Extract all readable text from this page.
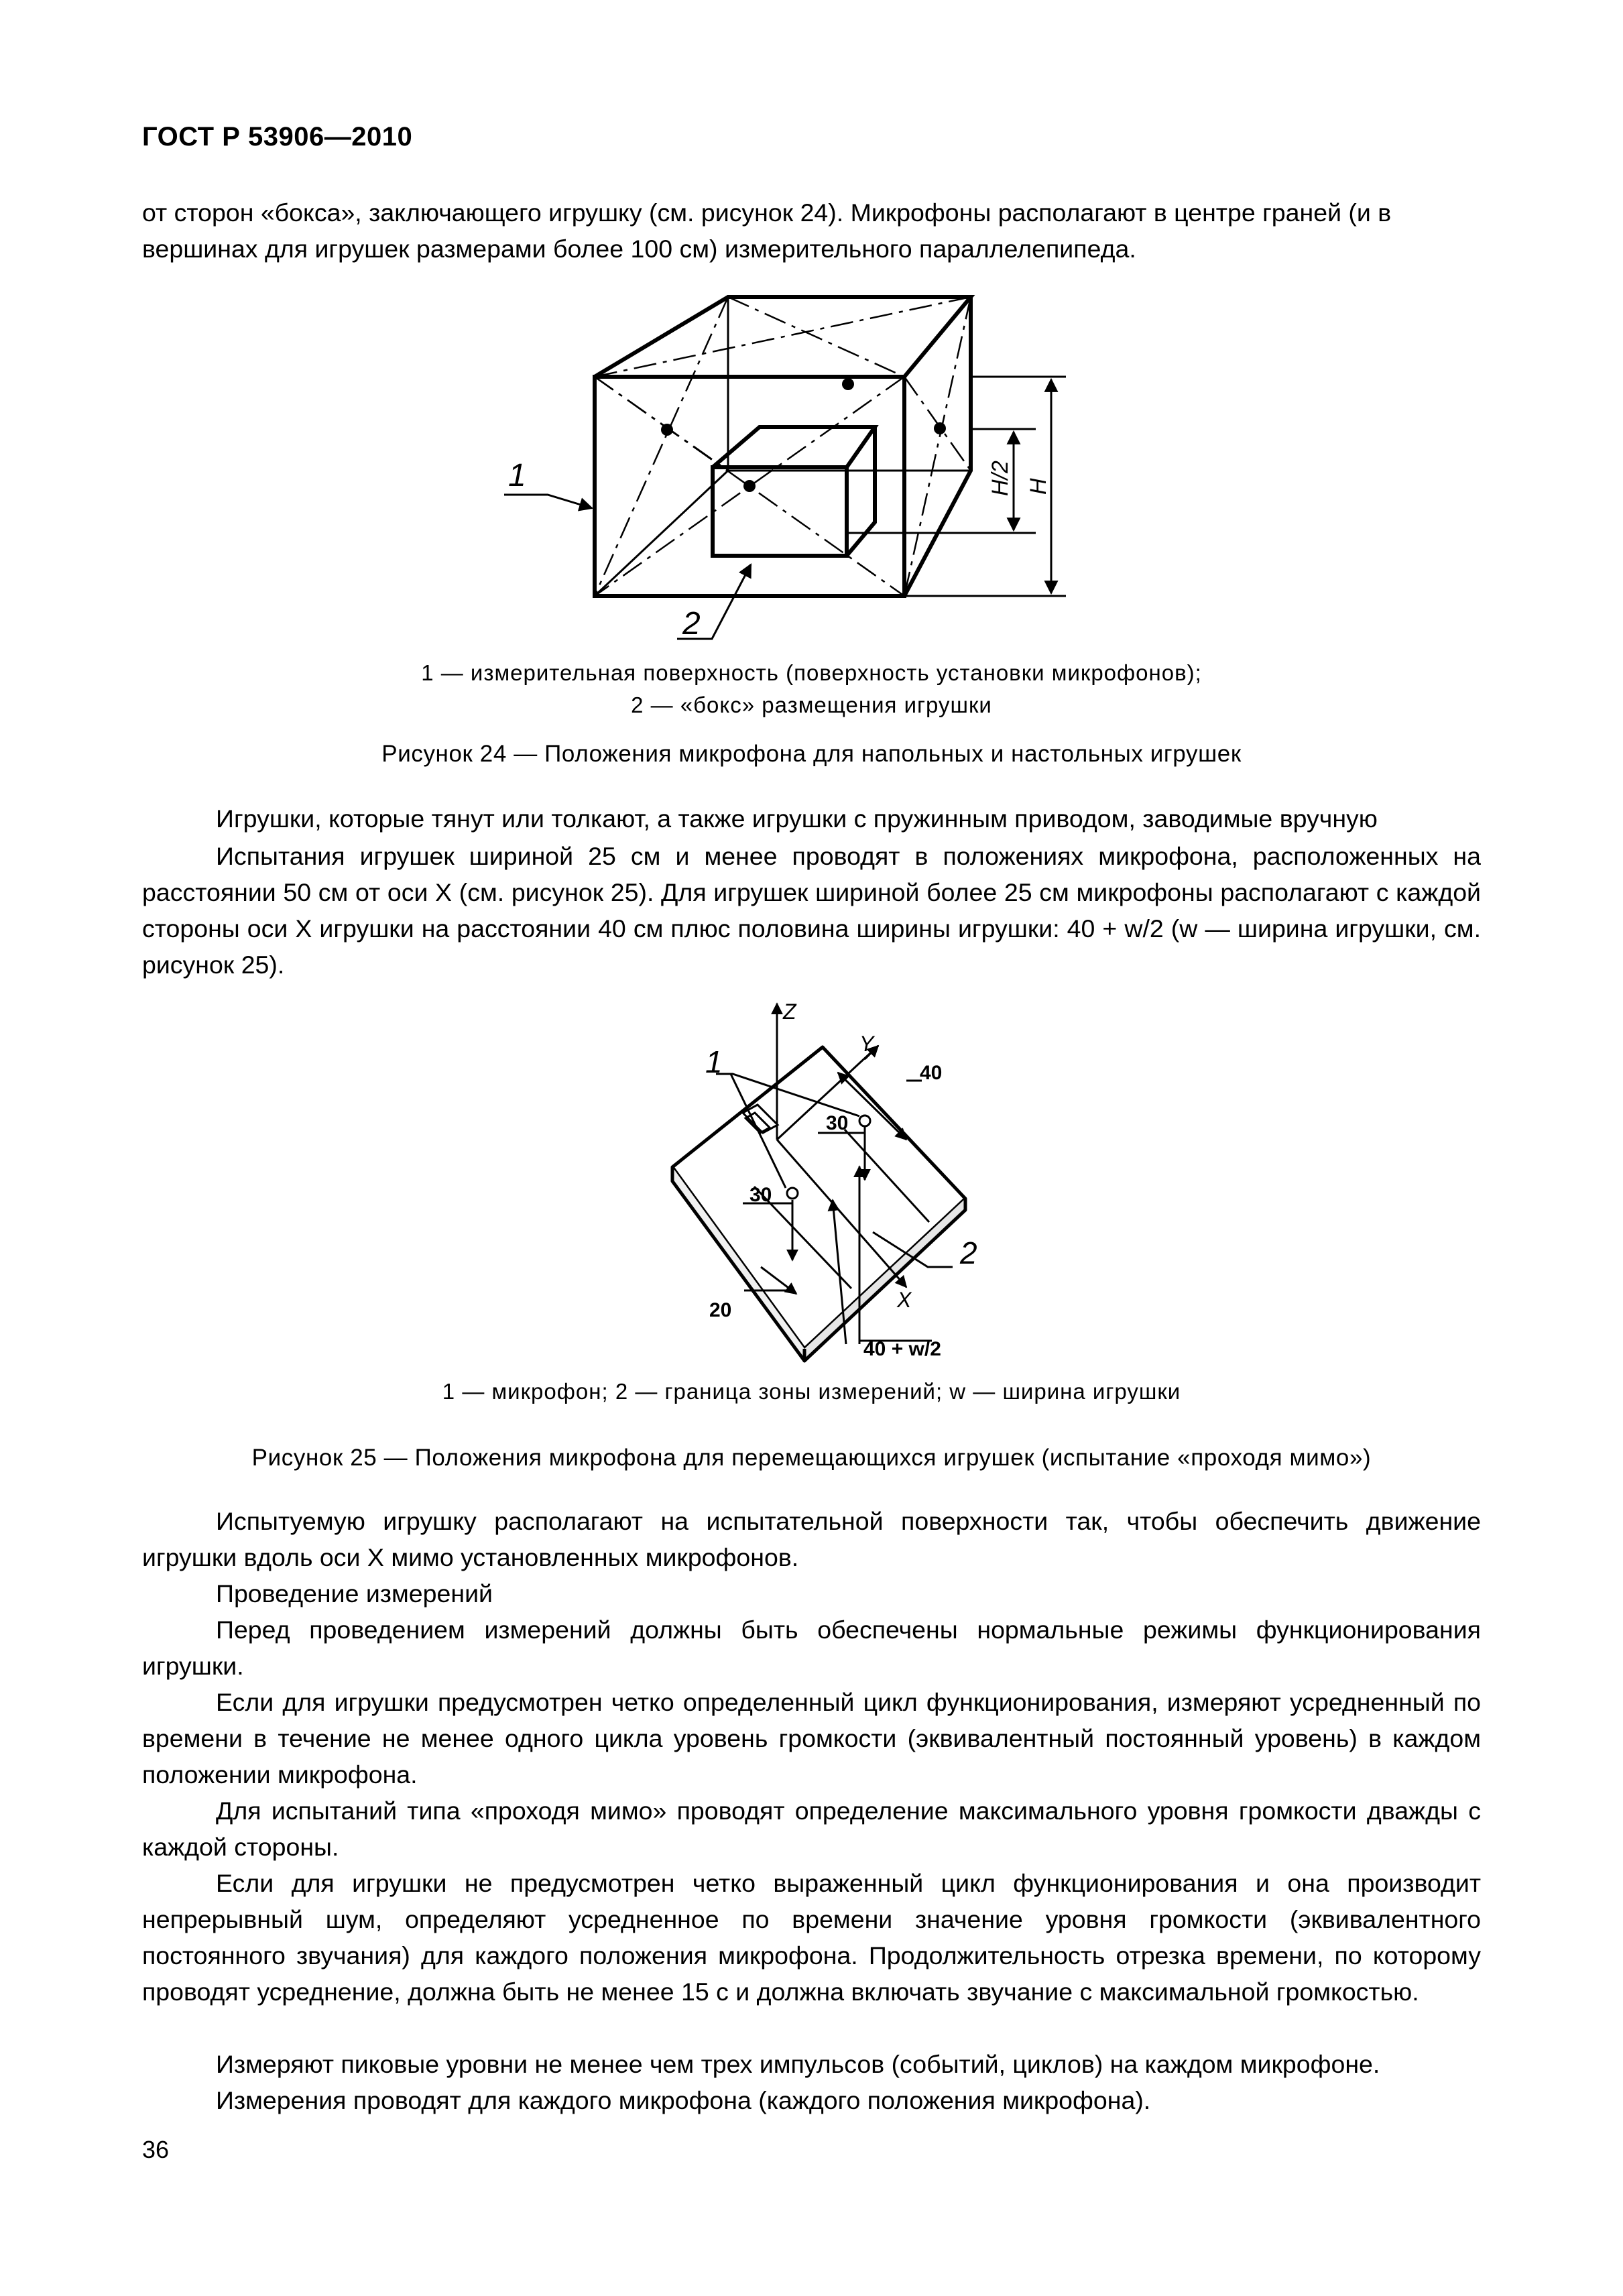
ГОСТ Р 53906—2010
от сторон «бокса», заключающего игрушку (см. рисунок 24). Микрофоны располагают в центре граней (и в
вершинах для игрушек размерами более 100 см) измерительного параллелепипеда.
1
2
H/2 H
1 — измерительная поверхность (поверхность установки микрофонов);
2 — «бокс» размещения игрушки
Рисунок 24 — Положения микрофона для напольных и настольных игрушек
Игрушки, которые тянут или толкают, а также игрушки с пружинным приводом, заводимые вручную
Испытания игрушек шириной 25 см и менее проводят в положениях микрофона, расположенных на расстоянии 50 см от оси X (см. рисунок 25). Для игрушек шириной более 25 см микрофоны располагают с каждой стороны оси X игрушки на расстоянии 40 см плюс половина ширины игрушки: 40 + w/2 (w — ширина игрушки, см. рисунок 25).
Z
Y
X
1
2
40
30
30
20
40 + w/2
1 — микрофон; 2 — граница зоны измерений; w — ширина игрушки
Рисунок 25 — Положения микрофона для перемещающихся игрушек (испытание «проходя мимо»)
Испытуемую игрушку располагают на испытательной поверхности так, чтобы обеспечить движение игрушки вдоль оси X мимо установленных микрофонов.
Проведение измерений
Перед проведением измерений должны быть обеспечены нормальные режимы функционирования игрушки.
Если для игрушки предусмотрен четко определенный цикл функционирования, измеряют усредненный по времени в течение не менее одного цикла уровень громкости (эквивалентный постоянный уровень) в каждом положении микрофона.
Для испытаний типа «проходя мимо» проводят определение максимального уровня громкости дважды с каждой стороны.
Если для игрушки не предусмотрен четко выраженный цикл функционирования и она производит непрерывный шум, определяют усредненное по времени значение уровня громкости (эквивалентного постоянного звучания) для каждого положения микрофона. Продолжительность отрезка времени, по которому проводят усреднение, должна быть не менее 15 с и должна включать звучание с максимальной громкостью.
Измеряют пиковые уровни не менее чем трех импульсов (событий, циклов) на каждом микрофоне.
Измерения проводят для каждого микрофона (каждого положения микрофона).
36
